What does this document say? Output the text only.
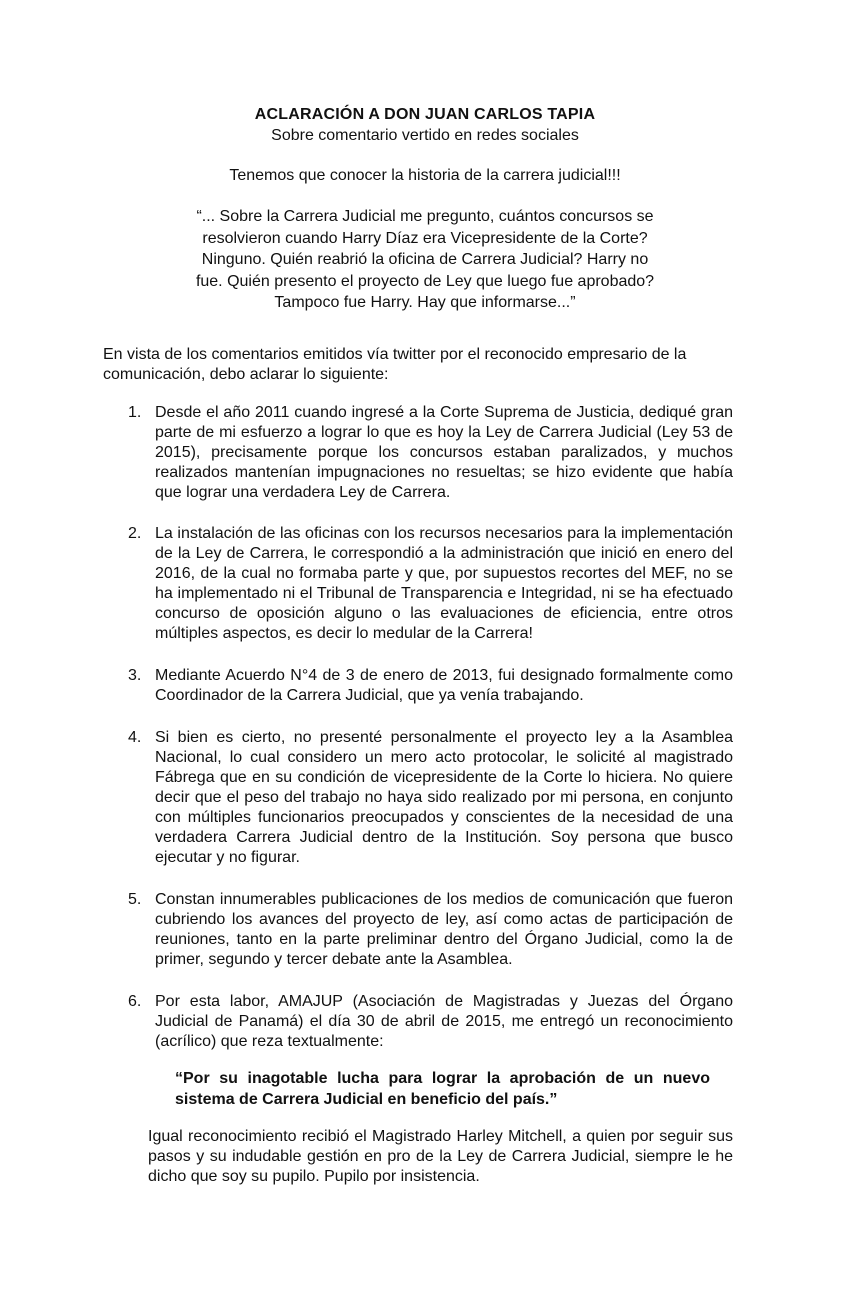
ACLARACIÓN A DON JUAN CARLOS TAPIA
Sobre comentario vertido en redes sociales
Tenemos que conocer la historia de la carrera judicial!!!
“... Sobre la Carrera Judicial me pregunto, cuántos concursos se
resolvieron cuando Harry Díaz era Vicepresidente de la Corte?
Ninguno. Quién reabrió la oficina de Carrera Judicial? Harry no
fue. Quién presento el proyecto de Ley que luego fue aprobado?
Tampoco fue Harry. Hay que informarse...”
En vista de los comentarios emitidos vía twitter por el reconocido empresario de la comunicación, debo aclarar lo siguiente:
1. Desde el año 2011 cuando ingresé a la Corte Suprema de Justicia, dediqué gran parte de mi esfuerzo a lograr lo que es hoy la Ley de Carrera Judicial (Ley 53 de 2015), precisamente porque los concursos estaban paralizados, y muchos realizados mantenían impugnaciones no resueltas; se hizo evidente que había que lograr una verdadera Ley de Carrera.
2. La instalación de las oficinas con los recursos necesarios para la implementación de la Ley de Carrera, le correspondió a la administración que inició en enero del 2016, de la cual no formaba parte y que, por supuestos recortes del MEF, no se ha implementado ni el Tribunal de Transparencia e Integridad, ni se ha efectuado concurso de oposición alguno o las evaluaciones de eficiencia, entre otros múltiples aspectos, es decir lo medular de la Carrera!
3. Mediante Acuerdo N°4 de 3 de enero de 2013, fui designado formalmente como Coordinador de la Carrera Judicial, que ya venía trabajando.
4. Si bien es cierto, no presenté personalmente el proyecto ley a la Asamblea Nacional, lo cual considero un mero acto protocolar, le solicité al magistrado Fábrega que en su condición de vicepresidente de la Corte lo hiciera. No quiere decir que el peso del trabajo no haya sido realizado por mi persona, en conjunto con múltiples funcionarios preocupados y conscientes de la necesidad de una verdadera Carrera Judicial dentro de la Institución. Soy persona que busco ejecutar y no figurar.
5. Constan innumerables publicaciones de los medios de comunicación que fueron cubriendo los avances del proyecto de ley, así como actas de participación de reuniones, tanto en la parte preliminar dentro del Órgano Judicial, como la de primer, segundo y tercer debate ante la Asamblea.
6. Por esta labor, AMAJUP (Asociación de Magistradas y Juezas del Órgano Judicial de Panamá) el día 30 de abril de 2015, me entregó un reconocimiento (acrílico) que reza textualmente:
“Por su inagotable lucha para lograr la aprobación de un nuevo sistema de Carrera Judicial en beneficio del país.”
Igual reconocimiento recibió el Magistrado Harley Mitchell, a quien por seguir sus pasos y su indudable gestión en pro de la Ley de Carrera Judicial, siempre le he dicho que soy su pupilo. Pupilo por insistencia.
